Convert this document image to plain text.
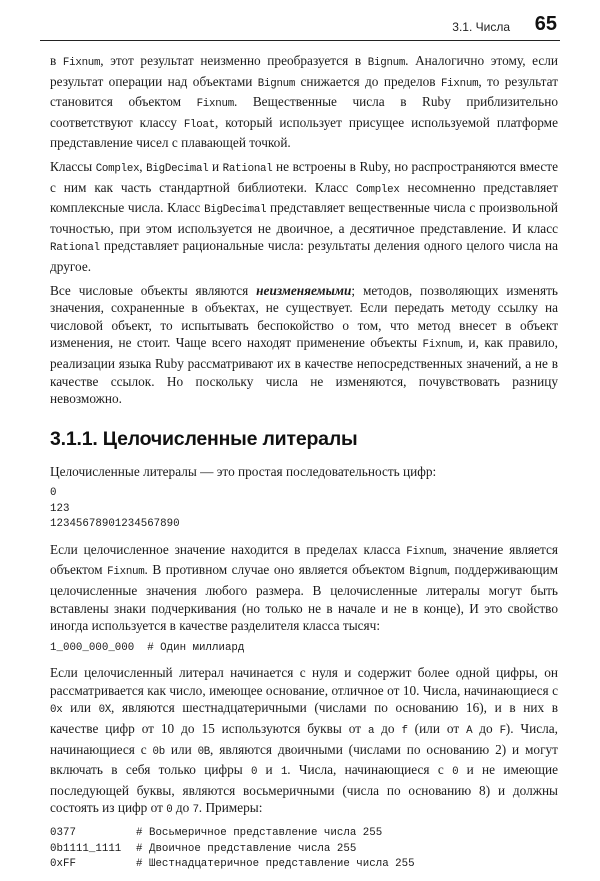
3.1. Числа 65

в Fixnum, этот результат неизменно преобразуется в Bignum. Аналогично этому, если результат операции над объектами Bignum снижается до пределов Fixnum, то результат становится объектом Fixnum. Вещественные числа в Ruby приблизительно соответствуют классу Float, который использует присущее используемой платформе представление чисел с плавающей точкой.

Классы Complex, BigDecimal и Rational не встроены в Ruby, но распространяются вместе с ним как часть стандартной библиотеки. Класс Complex несомненно представляет комплексные числа. Класс BigDecimal представляет вещественные числа с произвольной точностью, при этом используется не двоичное, а десятичное представление. И класс Rational представляет рациональные числа: результаты деления одного целого числа на другое.

Все числовые объекты являются неизменяемыми; методов, позволяющих изменять значения, сохраненные в объектах, не существует. Если передать методу ссылку на числовой объект, то испытывать беспокойство о том, что метод внесет в объект изменения, не стоит. Чаще всего находят применение объекты Fixnum, и, как правило, реализации языка Ruby рассматривают их в качестве непосредственных значений, а не в качестве ссылок. Но поскольку числа не изменяются, почувствовать разницу невозможно.

3.1.1. Целочисленные литералы

Целочисленные литералы — это простая последовательность цифр:

0
123
12345678901234567890

Если целочисленное значение находится в пределах класса Fixnum, значение является объектом Fixnum. В противном случае оно является объектом Bignum, поддерживающим целочисленные значения любого размера. В целочисленные литералы могут быть вставлены знаки подчеркивания (но только не в начале и не в конце), И это свойство иногда используется в качестве разделителя класса тысяч:

1_000_000_000  # Один миллиард

Если целочисленный литерал начинается с нуля и содержит более одной цифры, он рассматривается как число, имеющее основание, отличное от 10. Числа, начинающиеся с 0x или 0X, являются шестнадцатеричными (числами по основанию 16), и в них в качестве цифр от 10 до 15 используются буквы от a до f (или от A до F). Числа, начинающиеся с 0b или 0B, являются двоичными (числами по основанию 2) и могут включать в себя только цифры 0 и 1. Числа, начинающиеся с 0 и не имеющие последующей буквы, являются восьмеричными (числа по основанию 8) и должны состоять из цифр от 0 до 7. Примеры:

0377	# Восьмеричное представление числа 255
0b1111_1111	# Двоичное представление числа 255
0xFF	# Шестнадцатеричное представление числа 255
